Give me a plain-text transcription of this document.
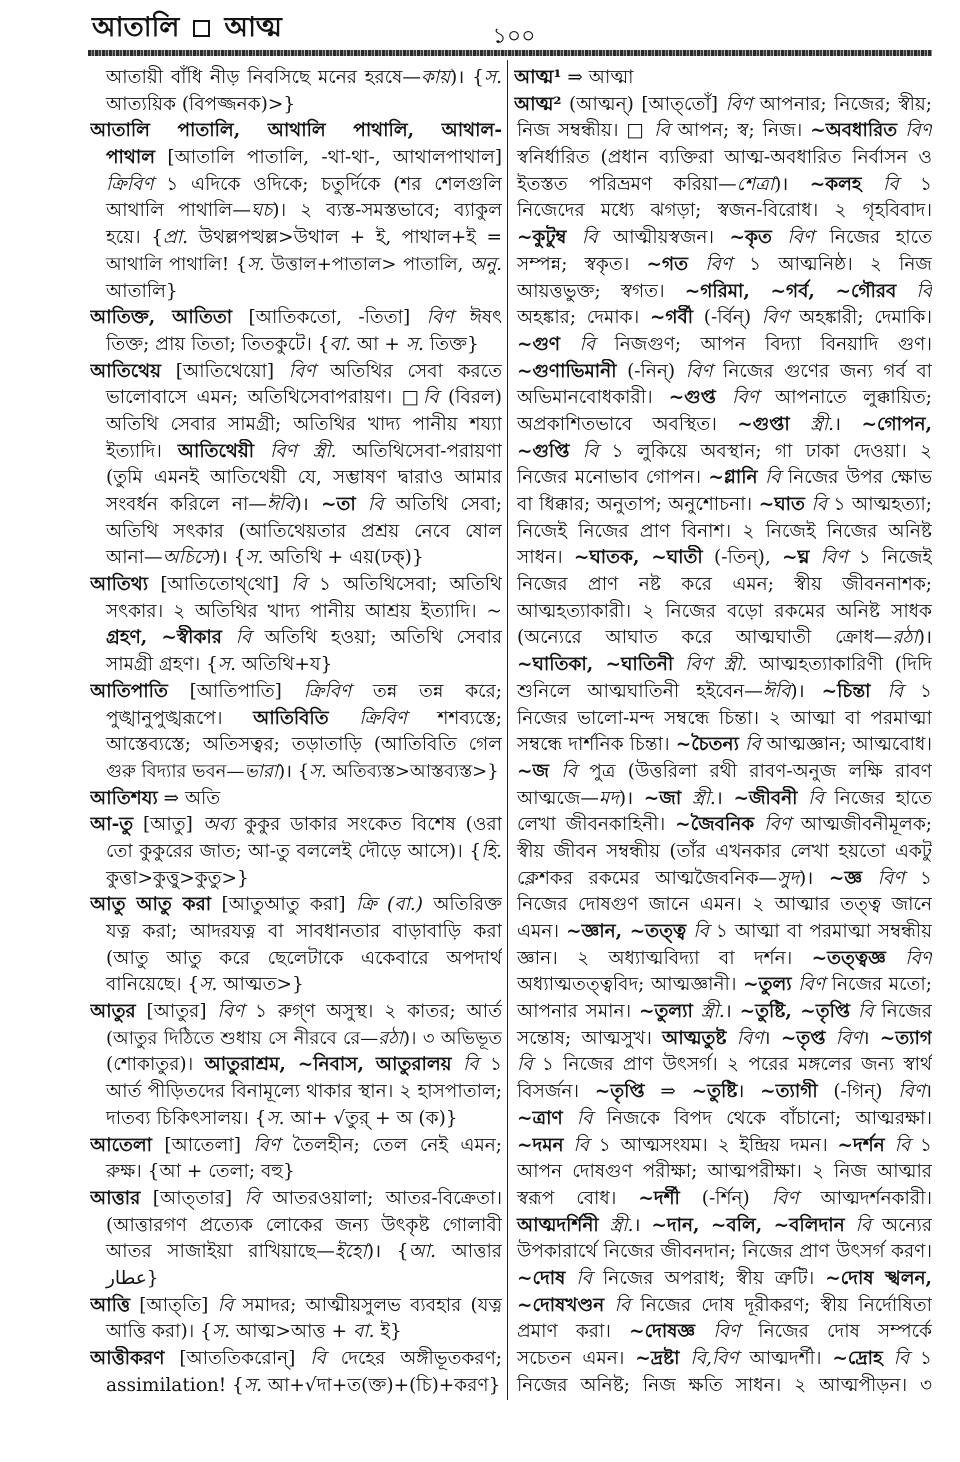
আতালি আত্ম	১০০
আতায়ী বাঁধি নীড় নিবসিছে মনের হরষে—কায়)। {স.
আত্যয়িক (বিপজ্জনক)>}
আতালি পাতালি, আথালি পাথালি, আথাল-
পাথাল [আতালি পাতালি, -থা-থা-, আথালপাথাল]
ক্রিবিণ ১ এদিকে ওদিকে; চতুর্দিকে (শর শেলগুলি
আথালি পাথালি—ঘচ)। ২ ব্যস্ত-সমস্তভাবে; ব্যাকুল
হয়ে। {প্রা. উথল্লপত্থল্ল>উথাল + ই, পাথাল+ই =
আথালি পাথালি! {স. উত্তাল+পাতাল> পাতালি, অনু.
আতালি}
আতিক্ত, আতিতা [আতিকতো, -তিতা] বিণ ঈষৎ
তিক্ত; প্রায় তিতা; তিতকুটে। {বা. আ + স. তিক্ত}
আতিথেয় [আতিথেয়ো] বিণ অতিথির সেবা করতে
ভালোবাসে এমন; অতিথিসেবাপরায়ণ। □বি (বিরল)
অতিথি সেবার সামগ্রী; অতিথির খাদ্য পানীয় শয্যা
ইত্যাদি। আতিথেয়ী বিণ স্ত্রী. অতিথিসেবা-পরায়ণা
(তুমি এমনই আতিথেয়ী যে, সম্ভাষণ দ্বারাও আমার
সংবর্ধন করিলে না—ঈবি)। ~তা বি অতিথি সেবা;
অতিথি সৎকার (আতিথেয়তার প্রশ্রয় নেবে ষোল
আনা—অচিসে)। {স. অতিথি + এয়(ঢক্)}
আতিথ্য [আতিতোথ্‌থো] বি ১ অতিথিসেবা; অতিথি
সৎকার। ২ অতিথির খাদ্য পানীয় আশ্রয় ইত্যাদি। ~
গ্রহণ, ~স্বীকার বি অতিথি হওয়া; অতিথি সেবার
সামগ্রী গ্রহণ। {স. অতিথি+য}
আতিপাতি [আতিপাতি] ক্রিবিণ তন্ন তন্ন করে;
পুঙ্খানুপুঙ্খরূপে। আতিবিতি ক্রিবিণ শশব্যস্তে;
আস্তেব্যস্তে; অতিসত্বর; তড়াতাড়ি (আতিবিতি গেল
গুরু বিদ্যার ভবন—ভারা)। {স. অতিব্যস্ত>আস্তব্যস্ত>}
আতিশয্য ⇒ অতি
আ-তু [আতু] অব্য কুকুর ডাকার সংকেত বিশেষ (ওরা
তো কুকুরের জাত; আ-তু বললেই দৌড়ে আসে)। {হি.
কুত্তা>কুত্তু>কুতু>}
আতু আতু করা [আতুআতু করা] ক্রি (বা.) অতিরিক্ত
যত্ন করা; আদরযত্ন বা সাবধানতার বাড়াবাড়ি করা
(আতু আতু করে ছেলেটাকে একেবারে অপদার্থ
বানিয়েছে। {স. আত্মত>}
আতুর [আতুর] বিণ ১ রুগ্‌ণ অসুস্থ। ২ কাতর; আর্ত
(আতুর দিঠিতে শুধায় সে নীরবে রে—রঠা)। ৩ অভিভূত
(শোকাতুর)। আতুরাশ্রম, ~নিবাস, আতুরালয় বি ১
আর্ত পীড়িতদের বিনামূল্যে থাকার স্থান। ২ হাসপাতাল;
দাতব্য চিকিৎসালয়। {স. আ+ √তুর্ + অ (ক)}
আতেলা [আতেলা] বিণ তৈলহীন; তেল নেই এমন;
রুক্ষ। {আ + তেলা; বহু}
আত্তার [আত্‌তার] বি আতরওয়ালা; আতর-বিক্রেতা।
(আত্তারগণ প্রত্যেক লোকের জন্য উৎকৃষ্ট গোলাবী
আতর সাজাইয়া রাখিয়াছে—ইহো)। {আ. আত্তার
عطار}
আত্তি [আত্‌তি] বি সমাদর; আত্মীয়সুলভ ব্যবহার (যত্ন
আত্তি করা)। {স. আত্ম>আত্ত + বা. ই}
আত্তীকরণ [আততিকরোন্] বি দেহের অঙ্গীভূতকরণ;
assimilation! {স. আ+√দা+ত(ক্ত)+(চি)+করণ}
আত্ম¹ ⇒ আত্মা
আত্ম² (আত্মন্) [আত্‌তোঁ] বিণ আপনার; নিজের; স্বীয়;
নিজ সম্বন্ধীয়। □ বি আপন; স্ব; নিজ। ~অবধারিত বিণ
স্বনির্ধারিত (প্রধান ব্যক্তিরা আত্ম-অবধারিত নির্বাসন ও
ইতস্তত পরিভ্রমণ করিয়া—শেত্রা)। ~কলহ বি ১
নিজেদের মধ্যে ঝগড়া; স্বজন-বিরোধ। ২ গৃহবিবাদ।
~কুটুম্ব বি আত্মীয়স্বজন। ~কৃত বিণ নিজের হাতে
সম্পন্ন; স্বকৃত। ~গত বিণ ১ আত্মনিষ্ঠ। ২ নিজ
আয়ত্তভুক্ত; স্বগত। ~গরিমা, ~গর্ব, ~গৌরব বি
অহঙ্কার; দেমাক। ~গর্বী (-র্বিন্) বিণ অহঙ্কারী; দেমাকি।
~গুণ বি নিজগুণ; আপন বিদ্যা বিনয়াদি গুণ।
~গুণাভিমানী (-নিন্) বিণ নিজের গুণের জন্য গর্ব বা
অভিমানবোধকারী। ~গুপ্ত বিণ আপনাতে লুক্কায়িত;
অপ্রকাশিতভাবে অবস্থিত। ~গুপ্তা স্ত্রী.। ~গোপন,
~গুপ্তি বি ১ লুকিয়ে অবস্থান; গা ঢাকা দেওয়া। ২
নিজের মনোভাব গোপন। ~গ্লানি বি নিজের উপর ক্ষোভ
বা ধিক্কার; অনুতাপ; অনুশোচনা। ~ঘাত বি ১ আত্মহত্যা;
নিজেই নিজের প্রাণ বিনাশ। ২ নিজেই নিজের অনিষ্ট
সাধন। ~ঘাতক, ~ঘাতী (-তিন্), ~ঘ্ন বিণ ১ নিজেই
নিজের প্রাণ নষ্ট করে এমন; স্বীয় জীবননাশক;
আত্মহত্যাকারী। ২ নিজের বড়ো রকমের অনিষ্ট সাধক
(অন্যেরে আঘাত করে আত্মঘাতী ক্রোধ—রঠা)।
~ঘাতিকা, ~ঘাতিনী বিণ স্ত্রী. আত্মহত্যাকারিণী (দিদি
শুনিলে আত্মঘাতিনী হইবেন—ঈবি)। ~চিন্তা বি ১
নিজের ভালো-মন্দ সম্বন্ধে চিন্তা। ২ আত্মা বা পরমাত্মা
সম্বন্ধে দার্শনিক চিন্তা। ~চৈতন্য বি আত্মজ্ঞান; আত্মবোধ।
~জ বি পুত্র (উত্তরিলা রথী রাবণ-অনুজ লক্ষি রাবণ
আত্মজে—মদ)। ~জা স্ত্রী.। ~জীবনী বি নিজের হাতে
লেখা জীবনকাহিনী। ~জৈবনিক বিণ আত্মজীবনীমূলক;
স্বীয় জীবন সম্বন্ধীয় (তাঁর এখনকার লেখা হয়তো একটু
ক্লেশকর রকমের আত্মজৈবনিক—সুদ)। ~জ্ঞ বিণ ১
নিজের দোষগুণ জানে এমন। ২ আত্মার তত্ত্ব জানে
এমন। ~জ্ঞান, ~তত্ত্ব বি ১ আত্মা বা পরমাত্মা সম্বন্ধীয়
জ্ঞান। ২ অধ্যাত্মবিদ্যা বা দর্শন। ~তত্ত্বজ্ঞ বিণ
অধ্যাত্মতত্ত্ববিদ; আত্মজ্ঞানী। ~তুল্য বিণ নিজের মতো;
আপনার সমান। ~তুল্যা স্ত্রী.। ~তুষ্টি, ~তৃপ্তি বি নিজের
সন্তোষ; আত্মসুখ। আত্মতুষ্ট বিণ। ~তৃপ্ত বিণ। ~ত্যাগ
বি ১ নিজের প্রাণ উৎসর্গ। ২ পরের মঙ্গলের জন্য স্বার্থ
বিসর্জন। ~তৃপ্তি ⇒ ~তুষ্টি। ~ত্যাগী (-গিন্) বিণ।
~ত্রাণ বি নিজকে বিপদ থেকে বাঁচানো; আত্মরক্ষা।
~দমন বি ১ আত্মসংযম। ২ ইন্দ্রিয় দমন। ~দর্শন বি ১
আপন দোষগুণ পরীক্ষা; আত্মপরীক্ষা। ২ নিজ আত্মার
স্বরূপ বোধ। ~দর্শী (-র্শিন্) বিণ আত্মদর্শনকারী।
আত্মদর্শিনী স্ত্রী.। ~দান, ~বলি, ~বলিদান বি অন্যের
উপকারার্থে নিজের জীবনদান; নিজের প্রাণ উৎসর্গ করণ।
~দোষ বি নিজের অপরাধ; স্বীয় ত্রুটি। ~দোষ স্খলন,
~দোষখণ্ডন বি নিজের দোষ দূরীকরণ; স্বীয় নির্দোষিতা
প্রমাণ করা। ~দোষজ্ঞ বিণ নিজের দোষ সম্পর্কে
সচেতন এমন। ~দ্রষ্টা বি,বিণ আত্মদর্শী। ~দ্রোহ বি ১
নিজের অনিষ্ট; নিজ ক্ষতি সাধন। ২ আত্মপীড়ন। ৩
